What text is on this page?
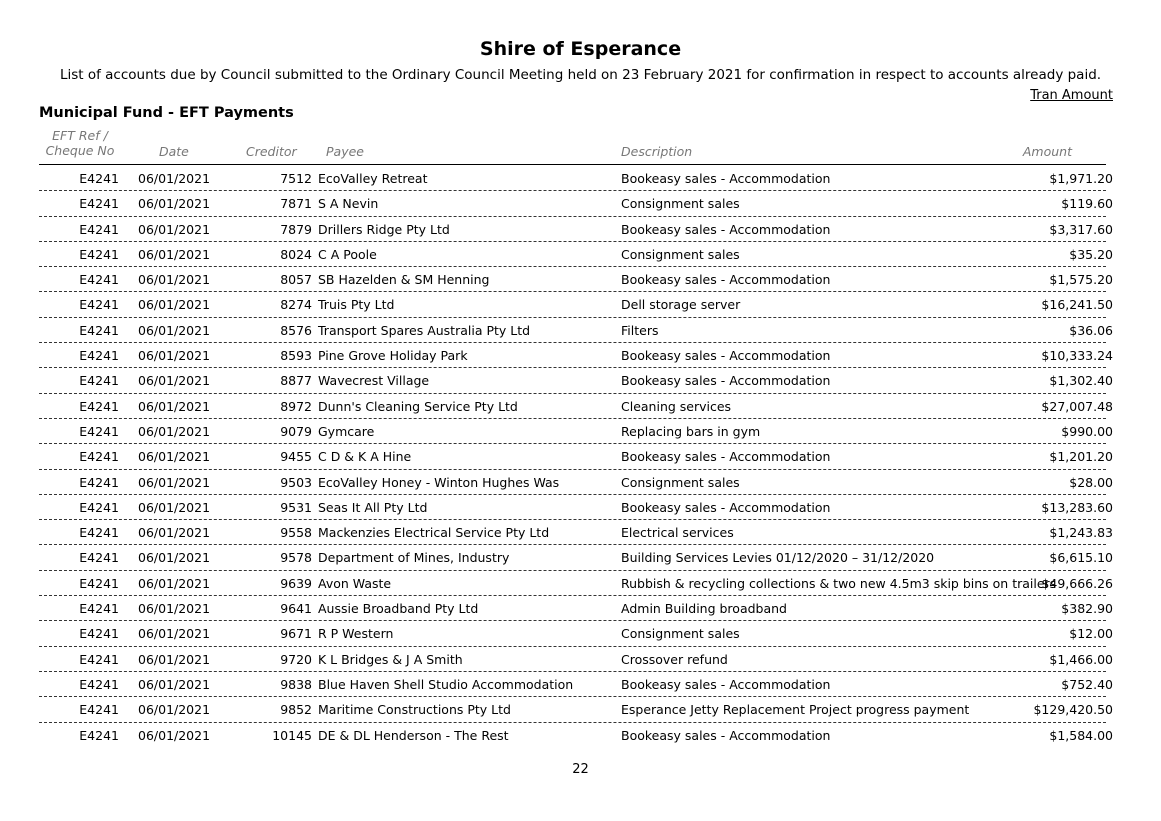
Shire of Esperance
List of accounts due by Council submitted to the Ordinary Council Meeting held on 23 February 2021 for confirmation in respect to accounts already paid.
Tran Amount
Municipal Fund - EFT Payments
EFT Ref /
Cheque No	Date	Creditor Payee	Description	Amount
E4241 06/01/2021	7512 EcoValley Retreat	Bookeasy sales - Accommodation	$1,971.20
E4241 06/01/2021	7871 S A Nevin	Consignment sales	$119.60
E4241 06/01/2021	7879 Drillers Ridge Pty Ltd	Bookeasy sales - Accommodation	$3,317.60
E4241 06/01/2021	8024 C A Poole	Consignment sales	$35.20
E4241 06/01/2021	8057 SB Hazelden & SM Henning	Bookeasy sales - Accommodation	$1,575.20
E4241 06/01/2021	8274 Truis Pty Ltd	Dell storage server	$16,241.50
E4241 06/01/2021	8576 Transport Spares Australia Pty Ltd	Filters	$36.06
E4241 06/01/2021	8593 Pine Grove Holiday Park	Bookeasy sales - Accommodation	$10,333.24
E4241 06/01/2021	8877 Wavecrest Village	Bookeasy sales - Accommodation	$1,302.40
E4241 06/01/2021	8972 Dunn's Cleaning Service Pty Ltd	Cleaning services	$27,007.48
E4241 06/01/2021	9079 Gymcare	Replacing bars in gym	$990.00
E4241 06/01/2021	9455 C D & K A Hine	Bookeasy sales - Accommodation	$1,201.20
E4241 06/01/2021	9503 EcoValley Honey - Winton Hughes Was	Consignment sales	$28.00
E4241 06/01/2021	9531 Seas It All Pty Ltd	Bookeasy sales - Accommodation	$13,283.60
E4241 06/01/2021	9558 Mackenzies Electrical Service Pty Ltd	Electrical services	$1,243.83
E4241 06/01/2021	9578 Department of Mines, Industry	Building Services Levies 01/12/2020 – 31/12/2020	$6,615.10
E4241 06/01/2021	9639 Avon Waste	Rubbish & recycling collections & two new 4.5m3 skip bins on trailers
$49,666.26
E4241 06/01/2021	9641 Aussie Broadband Pty Ltd	Admin Building broadband	$382.90
E4241 06/01/2021	9671 R P Western	Consignment sales	$12.00
E4241 06/01/2021	9720 K L Bridges & J A Smith	Crossover refund	$1,466.00
E4241 06/01/2021	9838 Blue Haven Shell Studio Accommodation	Bookeasy sales - Accommodation	$752.40
E4241 06/01/2021	9852 Maritime Constructions Pty Ltd	Esperance Jetty Replacement Project progress payment	$129,420.50
E4241 06/01/2021	10145 DE & DL Henderson - The Rest	Bookeasy sales - Accommodation	$1,584.00
22
